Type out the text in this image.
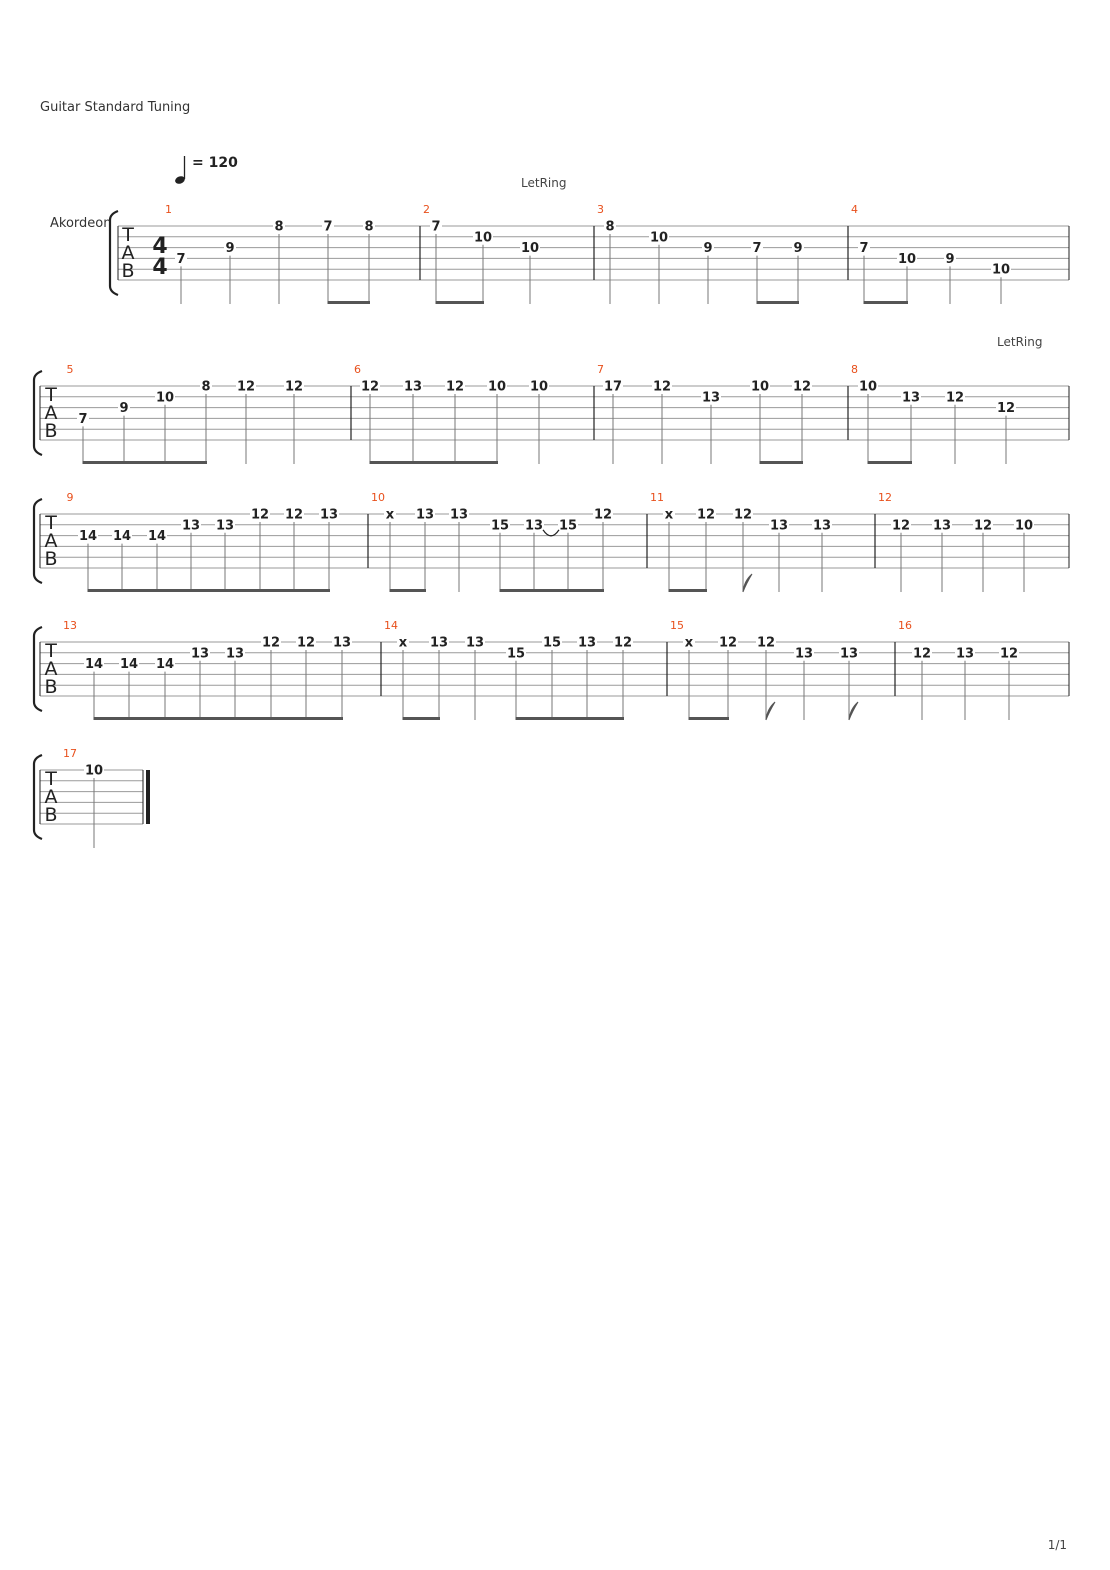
Guitar Standard Tuning
= 120
Akordeon
LetRing
LetRing
1/1
T
A
B
4
4
1
7
9
8	7 8
2
7
10
10
3
8
10
9	7 9
4
7
10 9
10
T
A
B
5
7
9
10
8 12 12
6
12 13 12 10 10
7
17 12
13
10 12
8
10
13 12
12
T
A
B
9
14 14 14
13 13
12 12 13
10
x 13 13
15 13 15
12
11
x 12 12
13 13
12
12 13 12 10
T
A
B
13
14 14 14
13 13
12 12 13
14
x 13 13
15
15 13 12
15
x 12 12
13 13
16
12 13 12
T
A
B
17
10
